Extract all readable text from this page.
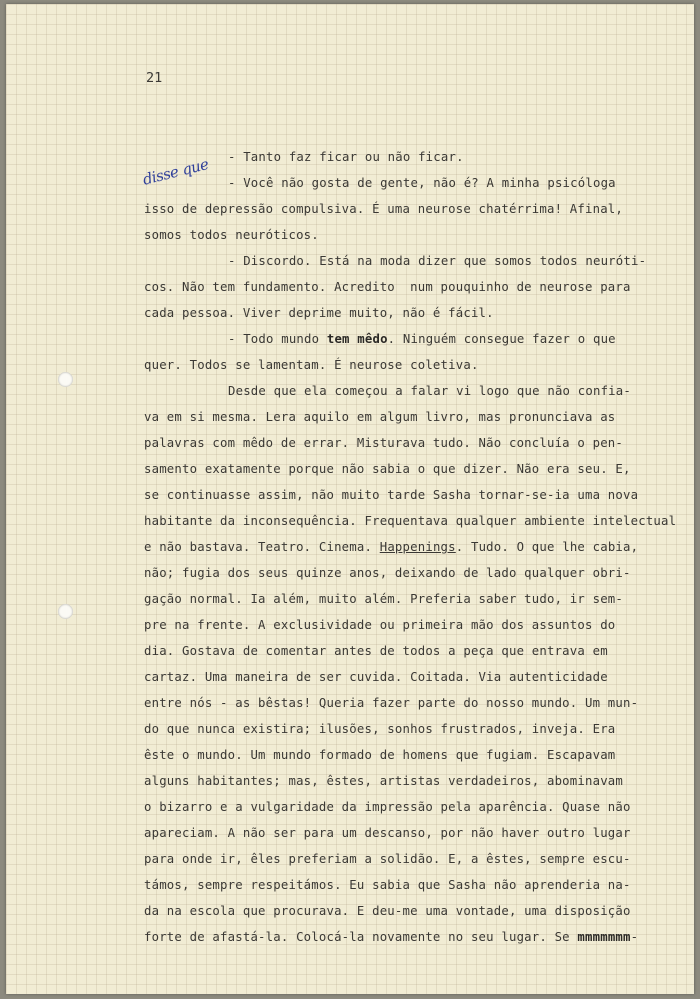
21
disse que - Tanto faz ficar ou não ficar.
- Você não gosta de gente, não é? A minha psicóloga
isso de depressão compulsiva. É uma neurose chatérrima! Afinal,
somos todos neuróticos.
- Discordo. Está na moda dizer que somos todos neuróti-
cos. Não tem fundamento. Acredito  num pouquinho de neurose para
cada pessoa. Viver deprime muito, não é fácil.
- Todo mundo tem mêdo. Ninguém consegue fazer o que
quer. Todos se lamentam. É neurose coletiva.
Desde que ela começou a falar vi logo que não confia-
va em si mesma. Lera aquilo em algum livro, mas pronunciava as
palavras com mêdo de errar. Misturava tudo. Não concluía o pen-
samento exatamente porque não sabia o que dizer. Não era seu. E,
se continuasse assim, não muito tarde Sasha tornar-se-ia uma nova
habitante da inconsequência. Frequentava qualquer ambiente intelectual
e não bastava. Teatro. Cinema. Happenings. Tudo. O que lhe cabia,
não; fugia dos seus quinze anos, deixando de lado qualquer obri-
gação normal. Ia além, muito além. Preferia saber tudo, ir sem-
pre na frente. A exclusividade ou primeira mão dos assuntos do
dia. Gostava de comentar antes de todos a peça que entrava em
cartaz. Uma maneira de ser cuvida. Coitada. Via autenticidade
entre nós - as bêstas! Queria fazer parte do nosso mundo. Um mun-
do que nunca existira; ilusões, sonhos frustrados, inveja. Era
êste o mundo. Um mundo formado de homens que fugiam. Escapavam
alguns habitantes; mas, êstes, artistas verdadeiros, abominavam
o bizarro e a vulgaridade da impressão pela aparência. Quase não
apareciam. A não ser para um descanso, por não haver outro lugar
para onde ir, êles preferiam a solidão. E, a êstes, sempre escu-
támos, sempre respeitámos. Eu sabia que Sasha não aprenderia na-
da na escola que procurava. E deu-me uma vontade, uma disposição
forte de afastá-la. Colocá-la novamente no seu lugar. Se mmmmmmm-
